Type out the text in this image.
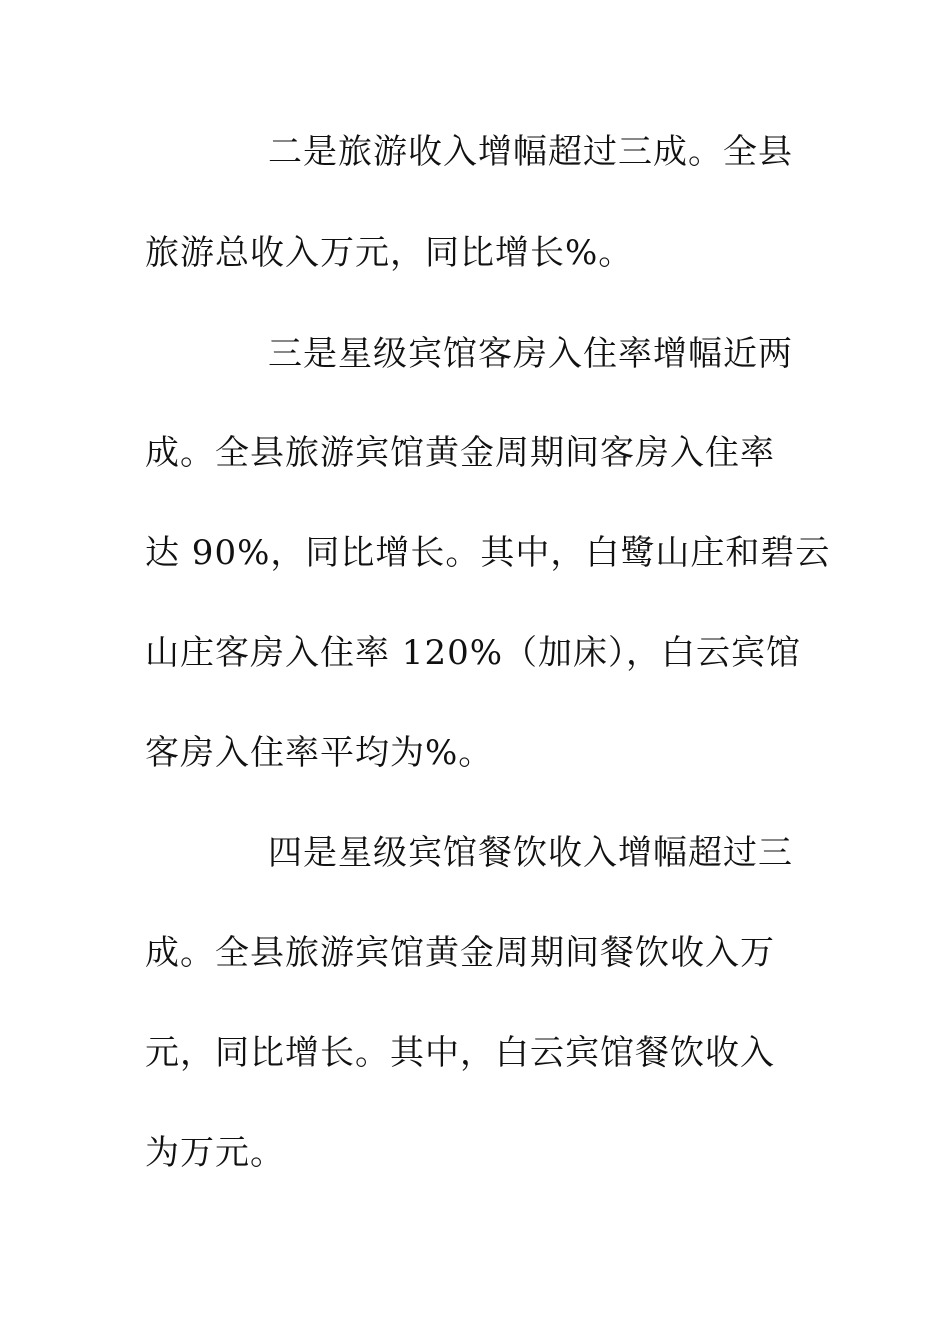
二是旅游收入增幅超过三成。全县
旅游总收入万元，同比增长%。
三是星级宾馆客房入住率增幅近两
成。全县旅游宾馆黄金周期间客房入住率
达 90%，同比增长。其中，白鹭山庄和碧云
山庄客房入住率 120%（加床），白云宾馆
客房入住率平均为%。
四是星级宾馆餐饮收入增幅超过三
成。全县旅游宾馆黄金周期间餐饮收入万
元，同比增长。其中，白云宾馆餐饮收入
为万元。
